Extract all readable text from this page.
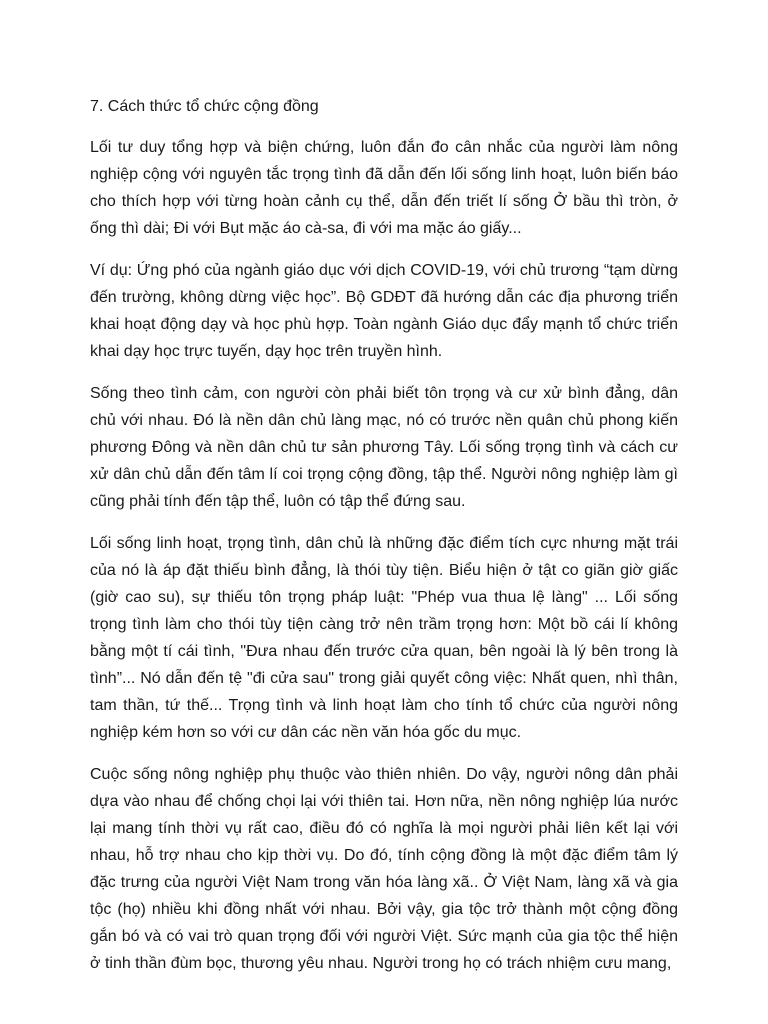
7. Cách thức tổ chức cộng đồng

Lối tư duy tổng hợp và biện chứng, luôn đắn đo cân nhắc của người làm nông nghiệp cộng với nguyên tắc trọng tình đã dẫn đến lối sống linh hoạt, luôn biến báo cho thích hợp với từng hoàn cảnh cụ thể, dẫn đến triết lí sống Ở bầu thì tròn, ở ống thì dài; Đi với Bụt mặc áo cà-sa, đi với ma mặc áo giấy...

Ví dụ: Ứng phó của ngành giáo dục với dịch COVID-19, với chủ trương “tạm dừng đến trường, không dừng việc học”. Bộ GDĐT đã hướng dẫn các địa phương triển khai hoạt động dạy và học phù hợp. Toàn ngành Giáo dục đẩy mạnh tổ chức triển khai dạy học trực tuyến, dạy học trên truyền hình.

Sống theo tình cảm, con người còn phải biết tôn trọng và cư xử bình đẳng, dân chủ với nhau. Đó là nền dân chủ làng mạc, nó có trước nền quân chủ phong kiến phương Đông và nền dân chủ tư sản phương Tây. Lối sống trọng tình và cách cư xử dân chủ dẫn đến tâm lí coi trọng cộng đồng, tập thể. Người nông nghiệp làm gì cũng phải tính đến tập thể, luôn có tập thể đứng sau.

Lối sống linh hoạt, trọng tình, dân chủ là những đặc điểm tích cực nhưng mặt trái của nó là áp đặt thiếu bình đẳng, là thói tùy tiện. Biểu hiện ở tật co giãn giờ giấc (giờ cao su), sự thiếu tôn trọng pháp luật: "Phép vua thua lệ làng" ... Lối sống trọng tình làm cho thói tùy tiện càng trở nên trầm trọng hơn: Một bồ cái lí không bằng một tí cái tình, "Đưa nhau đến trước cửa quan, bên ngoài là lý bên trong là tình”... Nó dẫn đến tệ "đi cửa sau" trong giải quyết công việc: Nhất quen, nhì thân, tam thần, tứ thế... Trọng tình và linh hoạt làm cho tính tổ chức của người nông nghiệp kém hơn so với cư dân các nền văn hóa gốc du mục.

Cuộc sống nông nghiệp phụ thuộc vào thiên nhiên. Do vậy, người nông dân phải dựa vào nhau để chống chọi lại với thiên tai. Hơn nữa, nền nông nghiệp lúa nước lại mang tính thời vụ rất cao, điều đó có nghĩa là mọi người phải liên kết lại với nhau, hỗ trợ nhau cho kịp thời vụ. Do đó, tính cộng đồng là một đặc điểm tâm lý đặc trưng của người Việt Nam trong văn hóa làng xã.. Ở Việt Nam, làng xã và gia tộc (họ) nhiều khi đồng nhất với nhau. Bởi vậy, gia tộc trở thành một cộng đồng gắn bó và có vai trò quan trọng đối với người Việt. Sức mạnh của gia tộc thể hiện ở tinh thần đùm bọc, thương yêu nhau. Người trong họ có trách nhiệm cưu mang,
